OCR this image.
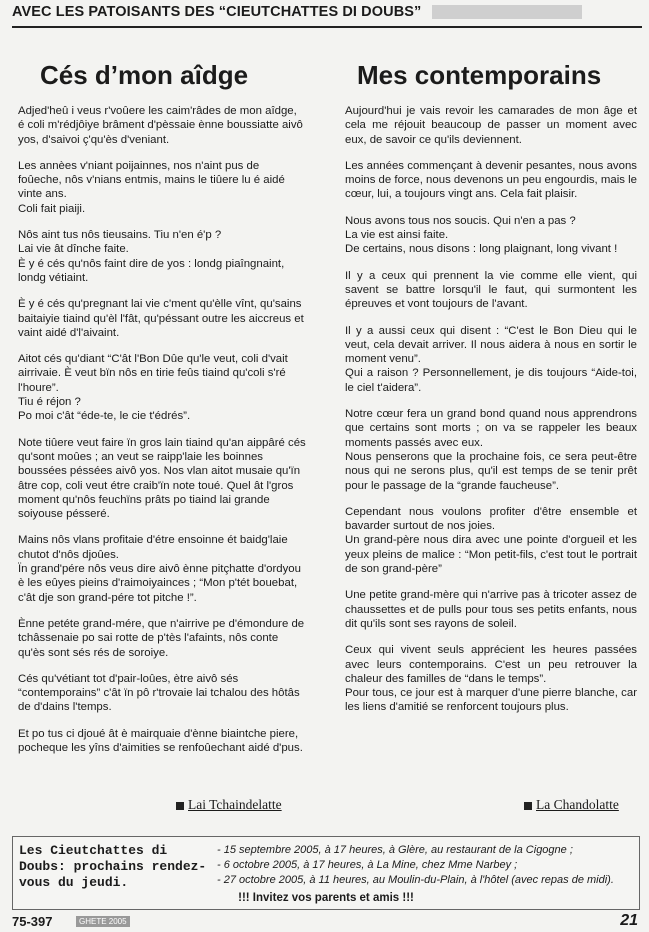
AVEC LES PATOISANTS DES “CIEUTCHATTES DI DOUBS”
Cés d’mon aîdge	Mes contemporains

Adjed'heû i veus r'voûere les caim'râdes de mon aîdge, é coli m'rédjôiye brâment d'pèssaie ènne boussiatte aivô yos, d'saivoi ç'qu'ès d'veniant.

Les annèes v'niant poijainnes, nos n'aint pus de foûeche, nôs v'nians entmis, mains le tiûere lu é aidé vinte ans.
Coli fait piaiji.

Nôs aint tus nôs tieusains. Tiu n'en é'p ?
Lai vie ât dînche faite.
È y é cés qu'nôs faint dire de yos : londg piaîngnaint, londg vétiaint.

È y é cés qu'pregnant lai vie c'ment qu'èlle vînt, qu'sains baitaiyie tiaind qu'èl l'fât, qu'péssant outre les aiccreus et vaint aidé d'l'aivaint.

Aitot cés qu'diant “C'ât l'Bon Dûe qu'le veut, coli d'vait airrivaie. È veut bïn nôs en tirie feûs tiaind qu'coli s'ré l'houre”.
Tiu é réjon ?
Po moi c'ât “éde-te, le cie t'édrés”.

Note tiûere veut faire ïn gros lain tiaind qu'an aippâré cés qu'sont moûes ; an veut se raipp'laie les boinnes boussées péssées aivô yos. Nos vlan aitot musaie qu'ïn âtre cop, coli veut étre craib'ïn note toué. Quel ât l'gros moment qu'nôs feuchïns prâts po tiaind lai grande soiyouse pésseré.

Mains nôs vlans profitaie d'étre ensoinne ét baidg'laie chutot d'nôs djoûes.
Ïn grand'pére nôs veus dire aivô ènne pitçhatte d'ordyou è les eûyes pieins d'raimoiyainces ; “Mon p'tét bouebat, c'ât dje son grand-pére tot pitche !”.

Ènne petéte grand-mére, que n'airrive pe d'émondure de tchâssenaie po sai rotte de p'tès l'afaints, nôs conte qu'ès sont sés rés de soroiye.

Cés qu'vétiant tot d'pair-loûes, ètre aivô sés “contemporains” c'ât ïn pô r'trovaie lai tchalou des hôtâs de d'dains l'temps.

Et po tus ci djoué ât è mairquaie d'ènne biaintche piere, pocheque les yîns d'aimities se renfoûechant aidé d'pus.

Aujourd'hui je vais revoir les camarades de mon âge et cela me réjouit beaucoup de passer un moment avec eux, de savoir ce qu'ils deviennent.

Les années commençant à devenir pesantes, nous avons moins de force, nous devenons un peu engourdis, mais le cœur, lui, a toujours vingt ans. Cela fait plaisir.

Nous avons tous nos soucis. Qui n'en a pas ?
La vie est ainsi faite.
De certains, nous disons : long plaignant, long vivant !

Il y a ceux qui prennent la vie comme elle vient, qui savent se battre lorsqu'il le faut, qui surmontent les épreuves et vont toujours de l'avant.

Il y a aussi ceux qui disent : “C'est le Bon Dieu qui le veut, cela devait arriver. Il nous aidera à nous en sortir le moment venu”.
Qui a raison ? Personnellement, je dis toujours “Aide-toi, le ciel t'aidera”.

Notre cœur fera un grand bond quand nous apprendrons que certains sont morts ; on va se rappeler les beaux moments passés avec eux.
Nous penserons que la prochaine fois, ce sera peut-être nous qui ne serons plus, qu'il est temps de se tenir prêt pour le passage de la “grande faucheuse”.

Cependant nous voulons profiter d'être ensemble et bavarder surtout de nos joies.
Un grand-père nous dira avec une pointe d'orgueil et les yeux pleins de malice : “Mon petit-fils, c'est tout le portrait de son grand-père”

Une petite grand-mère qui n'arrive pas à tricoter assez de chaussettes et de pulls pour tous ses petits enfants, nous dit qu'ils sont ses rayons de soleil.

Ceux qui vivent seuls apprécient les heures passées avec leurs contemporains. C'est un peu retrouver la chaleur des familles de “dans le temps”.
Pour tous, ce jour est à marquer d'une pierre blanche, car les liens d'amitié se renforcent toujours plus.

Lai Tchaindelatte	La Chandolatte
Les Cieutchattes di Doubs: prochains rendez-vous du jeudi.
- 15 septembre 2005, à 17 heures, à Glère, au restaurant de la Cigogne ;
- 6 octobre 2005, à 17 heures, à La Mine, chez Mme Narbey ;
- 27 octobre 2005, à 11 heures, au Moulin-du-Plain, à l'hôtel (avec repas de midi).
!!! Invitez vos parents et amis !!!
75-397	GHETE 2005	21
